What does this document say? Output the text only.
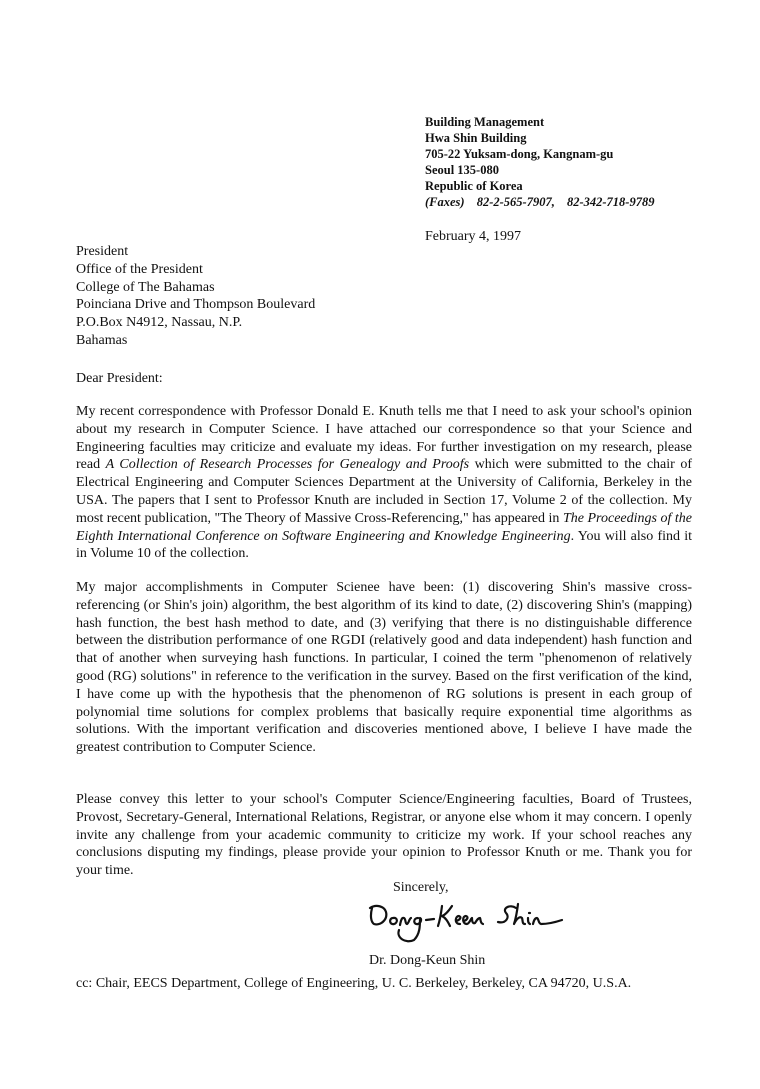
Building Management
Hwa Shin Building
705-22 Yuksam-dong, Kangnam-gu
Seoul 135-080
Republic of Korea
(Faxes) 82-2-565-7907, 82-342-718-9789
February 4, 1997
President
Office of the President
College of The Bahamas
Poinciana Drive and Thompson Boulevard
P.O.Box N4912, Nassau, N.P.
Bahamas
Dear President:

My recent correspondence with Professor Donald E. Knuth tells me that I need to ask your school's opinion about my research in Computer Science. I have attached our correspondence so that your Science and Engineering faculties may criticize and evaluate my ideas. For further investigation on my research, please read A Collection of Research Processes for Genealogy and Proofs which were submitted to the chair of Electrical Engineering and Computer Sciences Department at the University of California, Berkeley in the USA. The papers that I sent to Professor Knuth are included in Section 17, Volume 2 of the collection. My most recent publication, "The Theory of Massive Cross-Referencing," has appeared in The Proceedings of the Eighth International Conference on Software Engineering and Knowledge Engineering. You will also find it in Volume 10 of the collection.

My major accomplishments in Computer Scienee have been: (1) discovering Shin's massive cross-referencing (or Shin's join) algorithm, the best algorithm of its kind to date, (2) discovering Shin's (mapping) hash function, the best hash method to date, and (3) verifying that there is no distinguishable difference between the distribution performance of one RGDI (relatively good and data independent) hash function and that of another when surveying hash functions. In particular, I coined the term "phenomenon of relatively good (RG) solutions" in reference to the verification in the survey. Based on the first verification of the kind, I have come up with the hypothesis that the phenomenon of RG solutions is present in each group of polynomial time solutions for complex problems that basically require exponential time algorithms as solutions. With the important verification and discoveries mentioned above, I believe I have made the greatest contribution to Computer Science.

Please convey this letter to your school's Computer Science/Engineering faculties, Board of Trustees, Provost, Secretary-General, International Relations, Registrar, or anyone else whom it may concern. I openly invite any challenge from your academic community to criticize my work. If your school reaches any conclusions disputing my findings, please provide your opinion to Professor Knuth or me. Thank you for your time.

Sincerely,
Dong-Keun Shin
Dr. Dong-Keun Shin
cc: Chair, EECS Department, College of Engineering, U. C. Berkeley, Berkeley, CA 94720, U.S.A.
